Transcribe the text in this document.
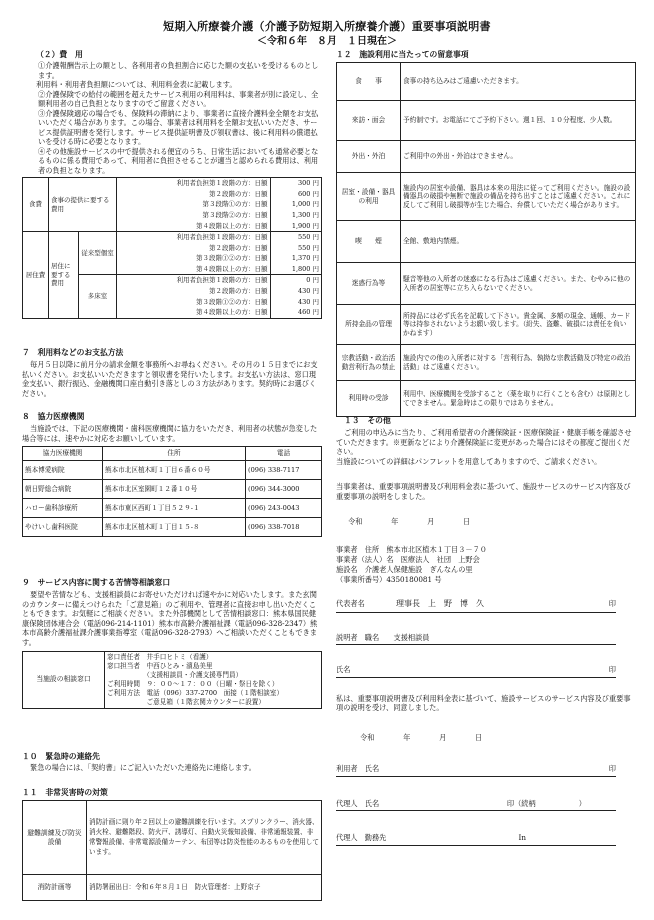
短期入所療養介護（介護予防短期入所療養介護）重要事項説明書
＜令和６年　８月　１日現在＞
（２）費　用

①介護報酬告示上の額とし、各利用者の負担割合に応じた額の支払いを受けるものとします。

利用料・利用者負担額については、利用料金表に記載します。

②介護保険での給付の範囲を超えたサービス利用の利用料は、事業者が別に設定し、全額利用者の自己負担となりますのでご留意ください。

③介護保険適応の場合でも、保険料の滞納により、事業者に直接介護料金全額をお支払いいただく場合があります。この場合、事業者は利用料を全額お支払いいただき、サービス提供証明書を発行します。サービス提供証明書及び領収書は、後に利用料の償還払いを受ける時に必要となります。

④その他施設サービスの中で提供される便宜のうち、日常生活においても通常必要となるものに係る費用であって、利用者に負担させることが適当と認められる費用は、利用者の負担となります。

食費	食事の提供に要する費用		利用者負担第１段階の方：日額	300 円
			第２段階の方：日額	600 円
			第３段階①の方：日額	1,000 円
			第３段階②の方：日額	1,300 円
			第４段階以上の方：日額	1,900 円
居住費	居住に要する費用	従来型個室	利用者負担第１段階の方：日額	550 円
			第２段階の方：日額	550 円
			第３段階①②の方：日額	1,370 円
			第４段階以上の方：日額	1,800 円
		多床室	利用者負担第１段階の方：日額	0 円
			第２段階の方：日額	430 円
			第３段階①②の方：日額	430 円
			第４段階以上の方：日額	460 円
７　利用料などのお支払方法

毎月５日以降に前月分の請求金額を事務所へお尋ねください。その月の１５日までにお支払いください。お支払いいただきますと領収書を発行いたします。お支払い方法は、窓口現金支払い、銀行振込、金融機関口座自動引き落としの３方法があります。契約時にお選びください。

８　協力医療機関

当施設では、下記の医療機関・歯科医療機関に協力をいただき、利用者の状態が急変した場合等には、速やかに対応をお願いしています。

協力医療機関	住所	電話
熊本博愛病院	熊本市北区植木町１丁目６番６０号	(096) 338-7117
朝日野総合病院	熊本市北区室園町１２番１０号	(096) 344-3000
ハロー歯科診療所	熊本市東区西町１丁目５２９-１	(096) 243-0043
やけいし歯科医院	熊本市北区植木町１丁目１５-８	(096) 338-7018
９　サービス内容に関する苦情等相談窓口

要望や苦情なども、支援相談員にお寄せいただければ速やかに対応いたします。また玄関のカウンターに備えつけられた「ご意見箱」のご利用や、管理者に直接お申し出いただくこともできます。お気軽にご相談ください。また外部機関として苦情相談窓口：熊本県国民健康保険団体連合会（電話096-214-1101）熊本市高齢介護福祉課（電話096-328-2347）熊本市高齢介護福祉課介護事業指導室（電話096-328-2793）へご相談いただくこともできます。

当施設の相談窓口	
窓口責任者　井手口ヒトミ（看護）
窓口担当者　中西ひとみ・濱島美里
　　　　　　（支援相談員・介護支援専門員）
ご利用時間　９：００～１７：００（日曜・祭日を除く）
ご利用方法　電話（096）337-2700　面接（１階相談室）
　　　　　　ご意見箱（１階玄関カウンターに設置）
１０　緊急時の連絡先

緊急の場合には、「契約書」にご記入いただいた連絡先に連絡します。

１１　非常災害時の対策
避難訓練及び防災設備	消防計画に則り年２回以上の避難訓練を行います。スプリンクラー、消火器、消火栓、避難階段、防火戸、誘導灯、自動火災報知設備、非常通報装置、非常警報設備、非常電源設備カーテン、布団等は防炎性能のあるものを使用しています。
消防計画等	消防署届出日：令和６年８月１日　防火管理者：上野京子
１２　施設利用に当たっての留意事項
食　　事	食事の持ち込みはご遠慮いただきます。
来訪・面会	予約制です。お電話にてご予約下さい。週１回、１０分程度、少人数。
外出・外泊	ご利用中の外出・外泊はできません。
居室・設備・器具の利用	施設内の居室や設備、器具は本来の用法に従ってご利用ください。施設の設備器具の破損や無断で施設の備品を持ち出すことはご遠慮ください。これに反してご利用し破損等が生じた場合、弁償していただく場合があります。
喫　　煙	全館、敷地内禁煙。
迷惑行為等	騒音等他の入所者の迷惑になる行為はご遠慮ください。また、むやみに他の入所者の居室等に立ち入らないでください。
所持金品の管理	所持品には必ず氏名を記載して下さい。貴金属、多額の現金、通帳、カード等は持参されないようお願い致します。（紛失、盗難、破損には責任を負いかねます）
宗教活動・政治活動営利行為の禁止	施設内での他の入所者に対する「営利行為、執拗な宗教活動及び特定の政治活動」はご遠慮ください。
利用時の受診	利用中、医療機関を受診すること（薬を取りに行くことも含む）は原則としてできません。緊急時はこの限りではありません。
１３　その他

ご利用の申込みに当たり、ご利用希望者の介護保険証・医療保険証・健康手帳を確認させていただきます。※更新などにより介護保険証に変更があった場合にはその都度ご提出ください。

当施設についての詳細はパンフレットを用意してありますので、ご請求ください。

当事業者は、重要事項説明書及び利用料金表に基づいて、施設サービスのサービス内容及び重要事項の説明をしました。

令和　　　　年　　　　月　　　　日
事業者　住所　熊本市北区植木１丁目３－７０
事業者（法人）名　医療法人　社団　上野会
施設名　介護老人保健施設　ぎんなんの里
（事業所番号）4350180081 号
代表者名	理事長　上　野　博　久	印
説明者　職名　　支援相談員
氏名	印

私は、重要事項説明書及び利用料金表に基づいて、施設サービスのサービス内容及び重要事項の説明を受け、同意しました。

令和　　　　年　　　　月　　　　日
利用者　氏名	印
代理人　氏名	印（続柄　　　　　　）
代理人　勤務先	In
